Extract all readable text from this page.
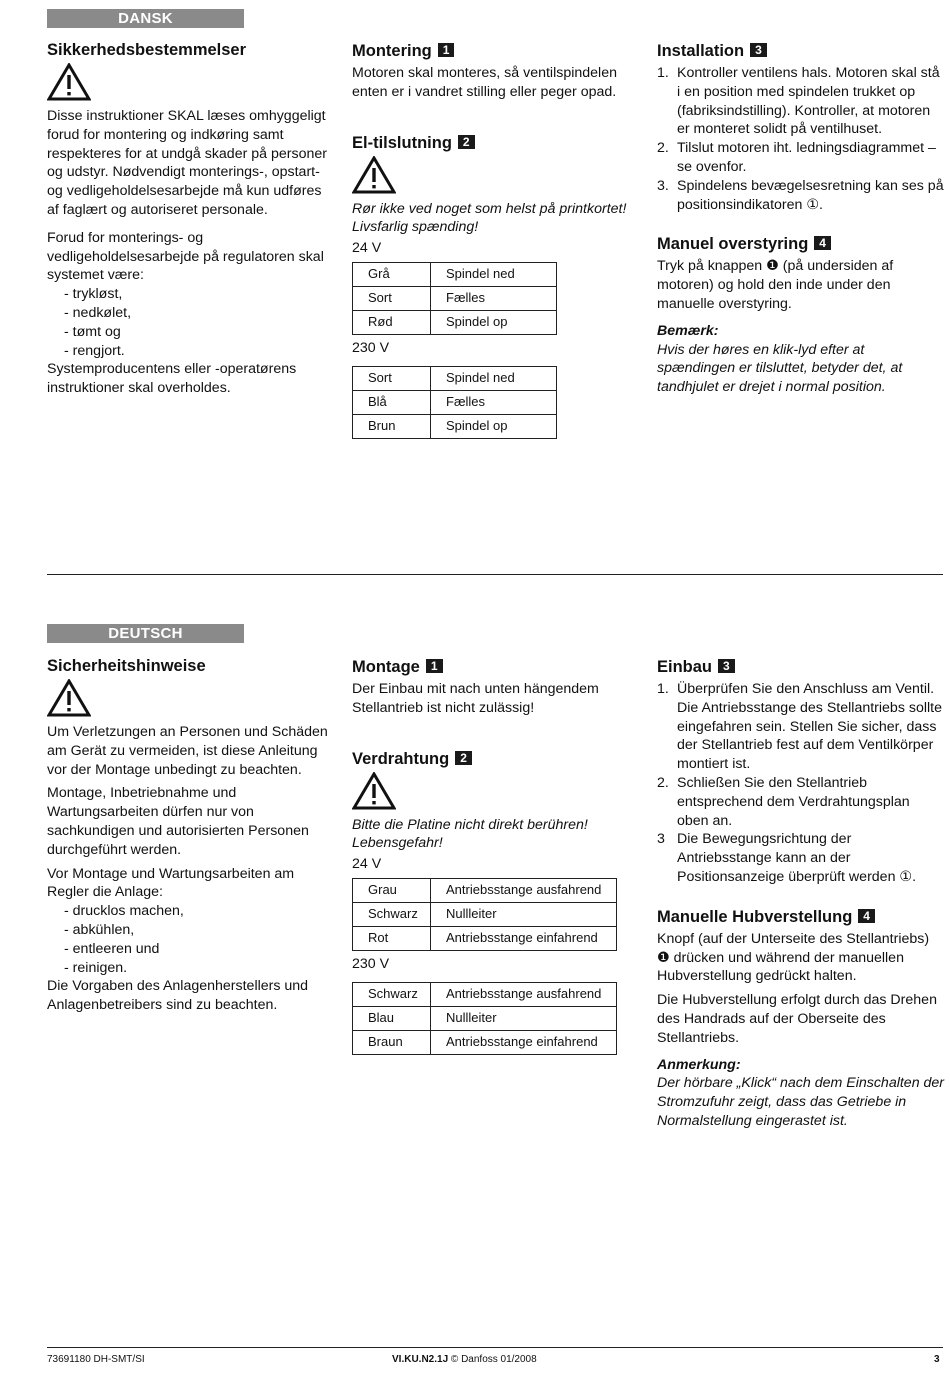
DANSK
Sikkerhedsbestemmelser

Disse instruktioner SKAL læses omhyggeligt forud for montering og indkøring samt respekteres for at undgå skader på personer og udstyr. Nødvendigt monterings-, opstart- og vedligeholdelsesarbejde må kun udføres af faglært og autoriseret personale.

Forud for monterings- og vedligeholdelsesarbejde på regulatoren skal systemet være:

- trykløst,
- nedkølet,
- tømt og
- rengjort.

Systemproducentens eller -operatørens instruktioner skal overholdes.

Montering 1

Motoren skal monteres, så ventilspindelen enten er i vandret stilling eller peger opad.

El-tilslutning 2

Rør ikke ved noget som helst på printkortet! Livsfarlig spænding!

24 V
Grå	Spindel ned
Sort	Fælles
Rød	Spindel op
230 V
Sort	Spindel ned
Blå	Fælles
Brun	Spindel op
Installation 3
1. Kontroller ventilens hals. Motoren skal stå i en position med spindelen trukket op (fabriksindstilling). Kontroller, at motoren er monteret solidt på ventilhuset.
2. Tilslut motoren iht. ledningsdiagrammet – se ovenfor.
3. Spindelens bevægelsesretning kan ses på positionsindikatoren ①.
Manuel overstyring 4

Tryk på knappen ❶ (på undersiden af motoren) og hold den inde under den manuelle overstyring.

Bemærk:

Hvis der høres en klik-lyd efter at spændingen er tilsluttet, betyder det, at tandhjulet er drejet i normal position.

DEUTSCH
Sicherheitshinweise

Um Verletzungen an Personen und Schäden am Gerät zu vermeiden, ist diese Anleitung vor der Montage unbedingt zu beachten.

Montage, Inbetriebnahme und Wartungsarbeiten dürfen nur von sachkundigen und autorisierten Personen durchgeführt werden.

Vor Montage und Wartungsarbeiten am Regler die Anlage:

- drucklos machen,
- abkühlen,
- entleeren und
- reinigen.

Die Vorgaben des Anlagenherstellers und Anlagenbetreibers sind zu beachten.

Montage 1

Der Einbau mit nach unten hängendem Stellantrieb ist nicht zulässig!

Verdrahtung 2

Bitte die Platine nicht direkt berühren! Lebensgefahr!

24 V
Grau	Antriebsstange ausfahrend
Schwarz	Nullleiter
Rot	Antriebsstange einfahrend
230 V
Schwarz	Antriebsstange ausfahrend
Blau	Nullleiter
Braun	Antriebsstange einfahrend
Einbau 3
1. Überprüfen Sie den Anschluss am Ventil. Die Antriebsstange des Stellantriebs sollte eingefahren sein. Stellen Sie sicher, dass der Stellantrieb fest auf dem Ventilkörper montiert ist.
2. Schließen Sie den Stellantrieb entsprechend dem Verdrahtungsplan oben an.
3 Die Bewegungsrichtung der Antriebsstange kann an der Positionsanzeige überprüft werden ①.
Manuelle Hubverstellung 4

Knopf (auf der Unterseite des Stellantriebs) ❶ drücken und während der manuellen Hubverstellung gedrückt halten.

Die Hubverstellung erfolgt durch das Drehen des Handrads auf der Oberseite des Stellantriebs.

Anmerkung:

Der hörbare „Klick“ nach dem Einschalten der Stromzufuhr zeigt, dass das Getriebe in Normalstellung eingerastet ist.

73691180 DH-SMT/SI	VI.KU.N2.1J © Danfoss 01/2008	3
